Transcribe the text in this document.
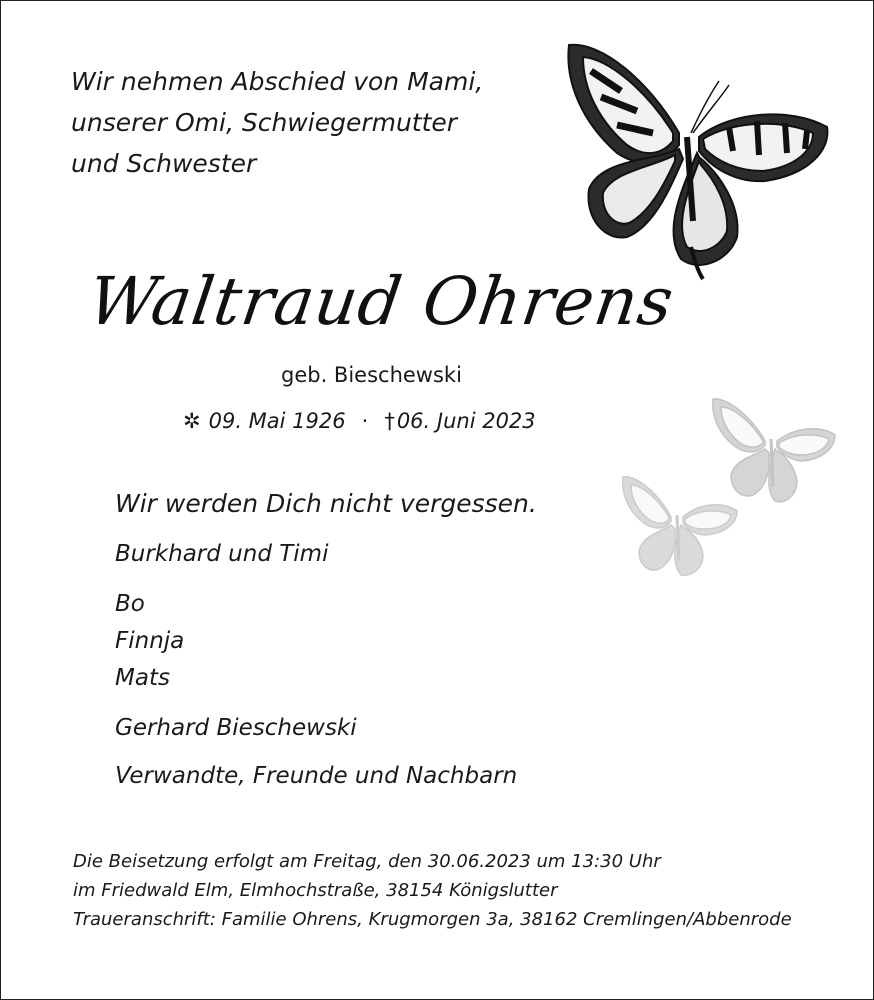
Wir nehmen Abschied von Mami,
unserer Omi, Schwiegermutter
und Schwester
Waltraud Ohrens
geb. Bieschewski
✲ 09. Mai 1926 · †06. Juni 2023
Wir werden Dich nicht vergessen.
Burkhard und Timi
Bo
Finnja
Mats
Gerhard Bieschewski
Verwandte, Freunde und Nachbarn
Die Beisetzung erfolgt am Freitag, den 30.06.2023 um 13:30 Uhr
im Friedwald Elm, Elmhochstraße, 38154 Königslutter
Traueranschrift: Familie Ohrens, Krugmorgen 3a, 38162 Cremlingen/Abbenrode
